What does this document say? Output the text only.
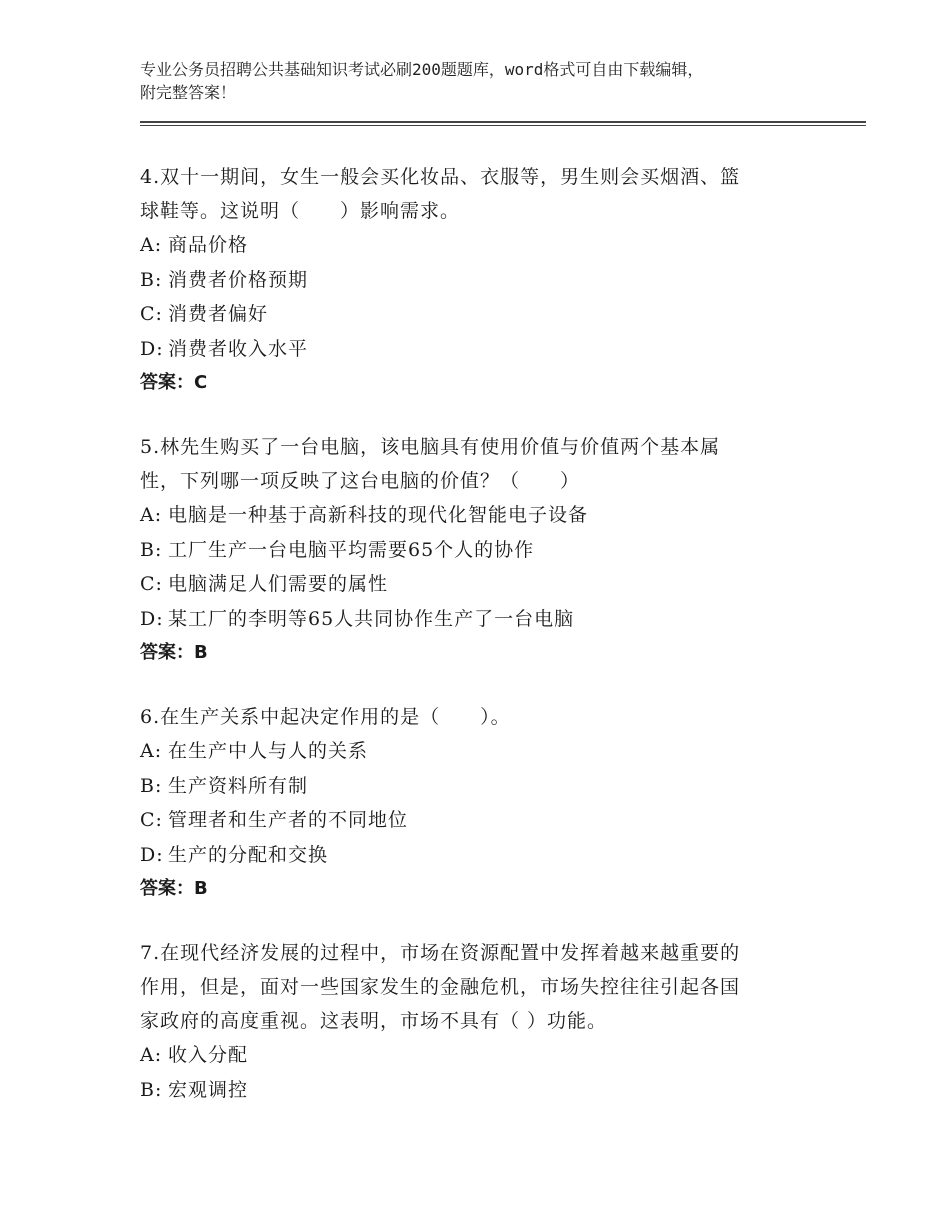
专业公务员招聘公共基础知识考试必刷200题题库，word格式可自由下载编辑，
附完整答案！
4.双十一期间，女生一般会买化妆品、衣服等，男生则会买烟酒、篮
球鞋等。这说明（　　）影响需求。
A: 商品价格
B: 消费者价格预期
C: 消费者偏好
D: 消费者收入水平
答案：C
5.林先生购买了一台电脑，该电脑具有使用价值与价值两个基本属
性，下列哪一项反映了这台电脑的价值？（　　）
A: 电脑是一种基于高新科技的现代化智能电子设备
B: 工厂生产一台电脑平均需要65个人的协作
C: 电脑满足人们需要的属性
D: 某工厂的李明等65人共同协作生产了一台电脑
答案：B
6.在生产关系中起决定作用的是（　　）。
A: 在生产中人与人的关系
B: 生产资料所有制
C: 管理者和生产者的不同地位
D: 生产的分配和交换
答案：B
7.在现代经济发展的过程中，市场在资源配置中发挥着越来越重要的
作用，但是，面对一些国家发生的金融危机，市场失控往往引起各国
家政府的高度重视。这表明，市场不具有（ ）功能。
A: 收入分配
B: 宏观调控
